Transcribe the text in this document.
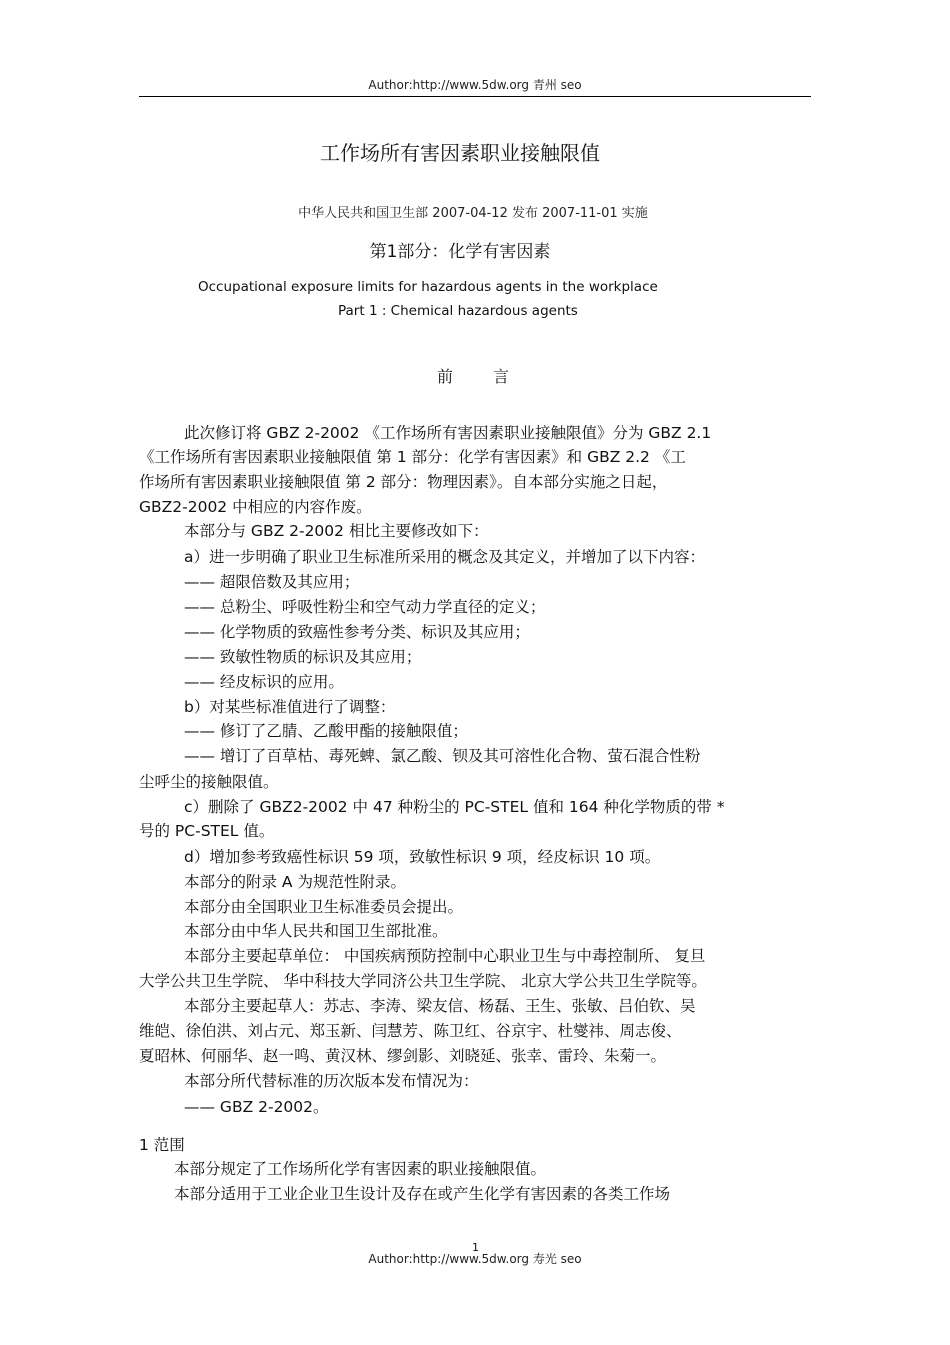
Author:http://www.5dw.org 青州 seo
工作场所有害因素职业接触限值
中华人民共和国卫生部 2007-04-12 发布 2007-11-01 实施
第1部分：化学有害因素
Occupational exposure limits for hazardous agents in the workplace
Part 1 : Chemical hazardous agents
前言
此次修订将 GBZ 2-2002 《工作场所有害因素职业接触限值》分为 GBZ 2.1
《工作场所有害因素职业接触限值 第 1 部分：化学有害因素》和 GBZ 2.2 《工
作场所有害因素职业接触限值 第 2 部分：物理因素》。自本部分实施之日起，
GBZ2-2002 中相应的内容作废。
本部分与 GBZ 2-2002 相比主要修改如下：
a）进一步明确了职业卫生标准所采用的概念及其定义，并增加了以下内容：
—— 超限倍数及其应用；
—— 总粉尘、呼吸性粉尘和空气动力学直径的定义；
—— 化学物质的致癌性参考分类、标识及其应用；
—— 致敏性物质的标识及其应用；
—— 经皮标识的应用。
b）对某些标准值进行了调整：
—— 修订了乙腈、乙酸甲酯的接触限值；
—— 增订了百草枯、毒死蜱、氯乙酸、钡及其可溶性化合物、萤石混合性粉
尘呼尘的接触限值。
c）删除了 GBZ2-2002 中 47 种粉尘的 PC-STEL 值和 164 种化学物质的带 *
号的 PC-STEL 值。
d）增加参考致癌性标识 59 项，致敏性标识 9 项，经皮标识 10 项。
本部分的附录 A 为规范性附录。
本部分由全国职业卫生标准委员会提出。
本部分由中华人民共和国卫生部批准。
本部分主要起草单位： 中国疾病预防控制中心职业卫生与中毒控制所、 复旦
大学公共卫生学院、 华中科技大学同济公共卫生学院、 北京大学公共卫生学院等。
本部分主要起草人：苏志、李涛、梁友信、杨磊、王生、张敏、吕伯钦、吴
维皑、徐伯洪、刘占元、郑玉新、闫慧芳、陈卫红、谷京宇、杜燮祎、周志俊、
夏昭林、何丽华、赵一鸣、黄汉林、缪剑影、刘晓延、张幸、雷玲、朱菊一。
本部分所代替标准的历次版本发布情况为：
—— GBZ 2-2002。
1 范围
本部分规定了工作场所化学有害因素的职业接触限值。
本部分适用于工业企业卫生设计及存在或产生化学有害因素的各类工作场
1
Author:http://www.5dw.org 寿光 seo
